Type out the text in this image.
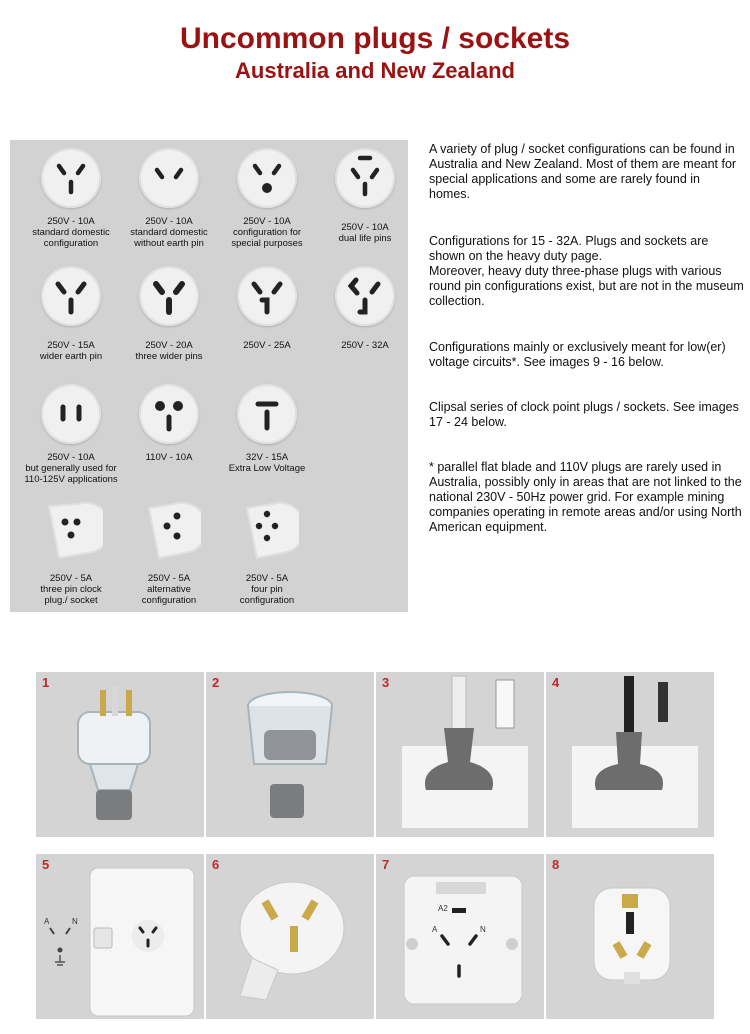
Uncommon plugs / sockets
Australia and New Zealand
250V - 10A
standard domestic
configuration
250V - 10A
standard domestic
without earth pin
250V - 10A
configuration for
special purposes
250V - 10A
dual life pins
250V - 15A
wider earth pin
250V - 20A
three wider pins
250V - 25A	250V - 32A
250V - 10A
but generally used for
110-125V applications
110V - 10A	32V - 15A
Extra Low Voltage
250V - 5A
three pin clock
plug./ socket
250V - 5A
alternative
configuration
250V - 5A
four pin
configuration

A variety of plug / socket configurations can be found in Australia and New Zealand. Most of them are meant for special applications and some are rarely found in homes.

Configurations for 15 - 32A. Plugs and sockets are shown on the heavy duty page.

Moreover, heavy duty three-phase plugs with various round pin configurations exist, but are not in the museum collection.

Configurations mainly or exclusively meant for low(er) voltage circuits*. See images 9 - 16 below.

Clipsal series of clock point plugs / sockets. See images 17 - 24 below.

* parallel flat blade and 110V plugs are rarely used in Australia, possibly only in areas that are not linked to the national 230V - 50Hz power grid. For example mining companies operating in remote areas and/or using North American equipment.

1	2	3	4
A	N
5	6
A2
A	N
7	8
